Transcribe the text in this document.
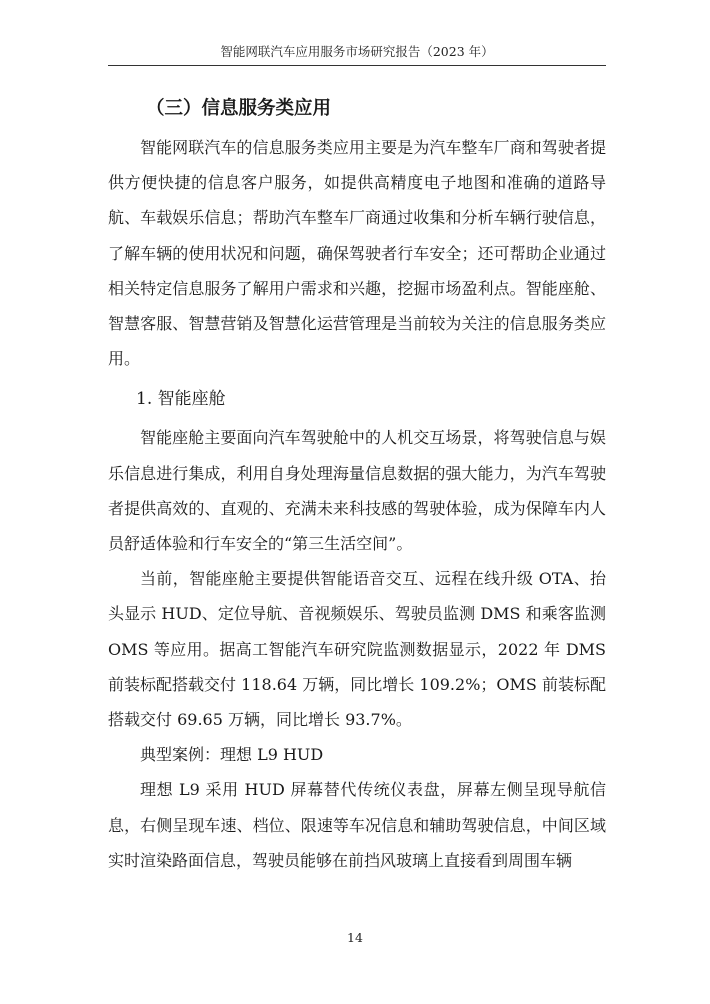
智能网联汽车应用服务市场研究报告（2023 年）
（三）信息服务类应用

智能网联汽车的信息服务类应用主要是为汽车整车厂商和驾驶者提供方便快捷的信息客户服务，如提供高精度电子地图和准确的道路导航、车载娱乐信息；帮助汽车整车厂商通过收集和分析车辆行驶信息，了解车辆的使用状况和问题，确保驾驶者行车安全；还可帮助企业通过相关特定信息服务了解用户需求和兴趣，挖掘市场盈利点。智能座舱、智慧客服、智慧营销及智慧化运营管理是当前较为关注的信息服务类应用。

1. 智能座舱

智能座舱主要面向汽车驾驶舱中的人机交互场景，将驾驶信息与娱乐信息进行集成，利用自身处理海量信息数据的强大能力，为汽车驾驶者提供高效的、直观的、充满未来科技感的驾驶体验，成为保障车内人员舒适体验和行车安全的“第三生活空间”。

当前，智能座舱主要提供智能语音交互、远程在线升级 OTA、抬头显示 HUD、定位导航、音视频娱乐、驾驶员监测 DMS 和乘客监测 OMS 等应用。据高工智能汽车研究院监测数据显示，2022 年 DMS 前装标配搭载交付 118.64 万辆，同比增长 109.2%；OMS 前装标配搭载交付 69.65 万辆，同比增长 93.7%。

典型案例：理想 L9 HUD

理想 L9 采用 HUD 屏幕替代传统仪表盘，屏幕左侧呈现导航信息，右侧呈现车速、档位、限速等车况信息和辅助驾驶信息，中间区域实时渲染路面信息，驾驶员能够在前挡风玻璃上直接看到周围车辆

14
